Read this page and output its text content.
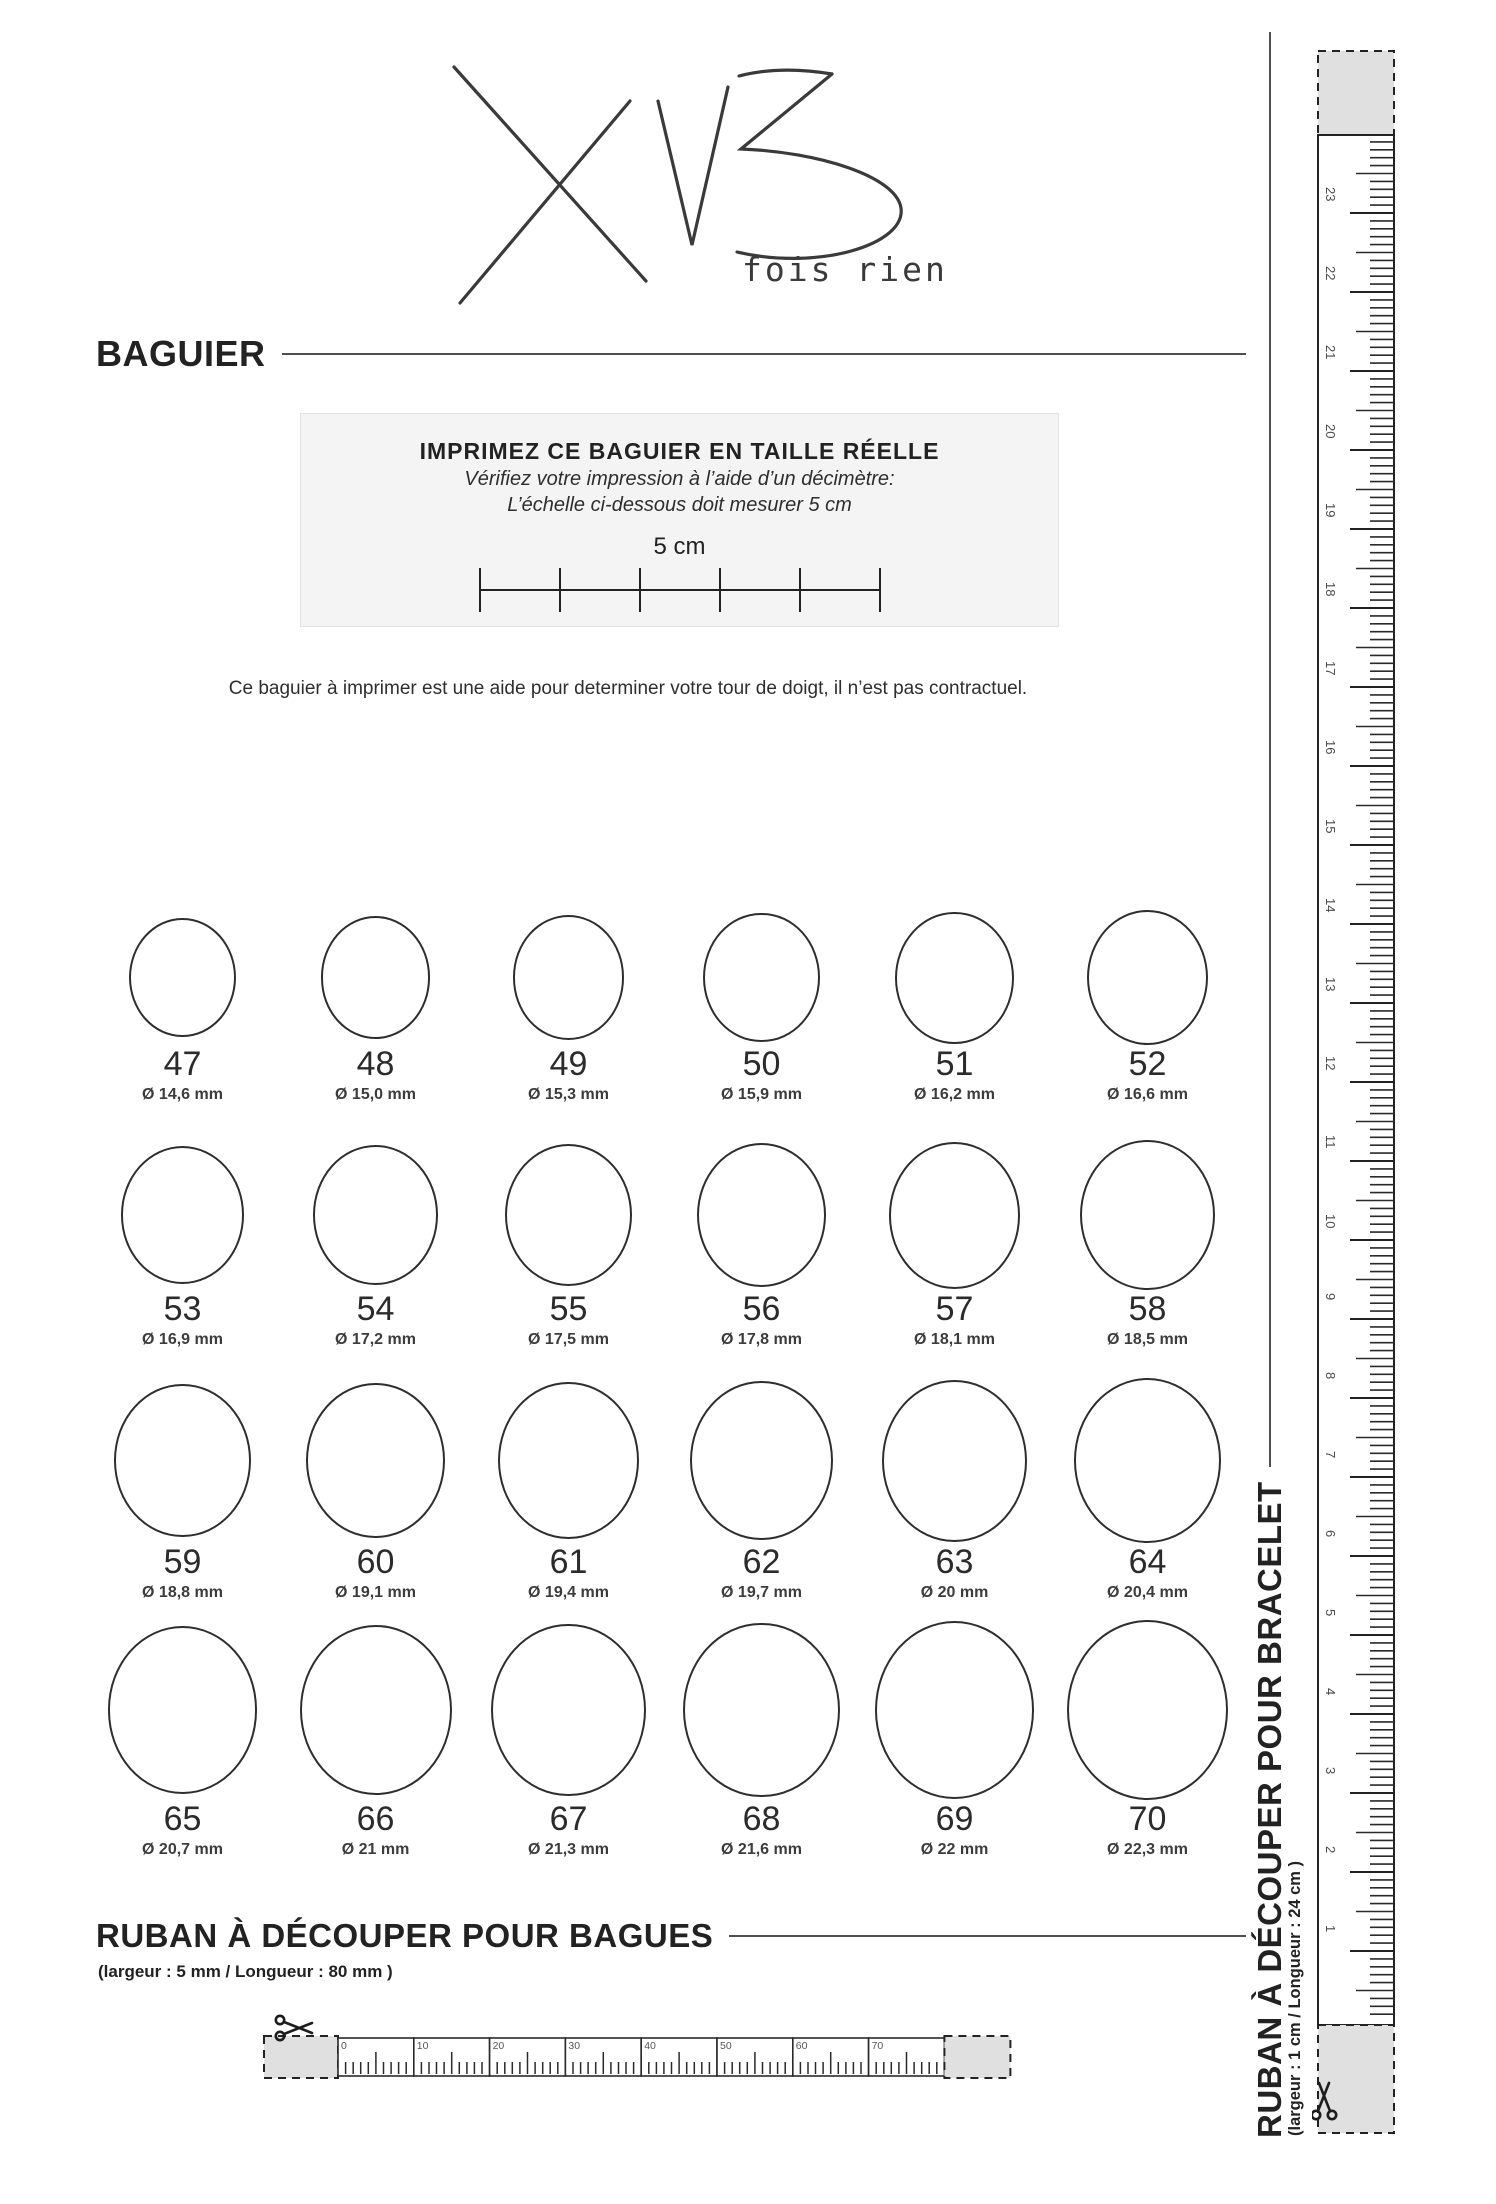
fois rien
BAGUIER
IMPRIMEZ CE BAGUIER EN TAILLE RÉELLE
Vérifiez votre impression à l’aide d’un décimètre:
L’échelle ci-dessous doit mesurer 5 cm
5 cm
Ce baguier à imprimer est une aide pour determiner votre tour de doigt, il n’est pas contractuel.
47
Ø 14,6 mm
48
Ø 15,0 mm
49
Ø 15,3 mm
50
Ø 15,9 mm
51
Ø 16,2 mm
52
Ø 16,6 mm
53
Ø 16,9 mm
54
Ø 17,2 mm
55
Ø 17,5 mm
56
Ø 17,8 mm
57
Ø 18,1 mm
58
Ø 18,5 mm
59
Ø 18,8 mm
60
Ø 19,1 mm
61
Ø 19,4 mm
62
Ø 19,7 mm
63
Ø 20 mm
64
Ø 20,4 mm
65
Ø 20,7 mm
66
Ø 21 mm
67
Ø 21,3 mm
68
Ø 21,6 mm
69
Ø 22 mm
70
Ø 22,3 mm
RUBAN À DÉCOUPER POUR BAGUES
(largeur : 5 mm / Longueur : 80 mm )
0	10	20	30	40	50	60	70
23
22
21
20
19
18
17
16
15
14
13
12
11
10
9
8
7
6
5
4
3
2
1
RUBAN À DÉCOUPER POUR BRACELET
(largeur : 1 cm / Longueur : 24 cm )
